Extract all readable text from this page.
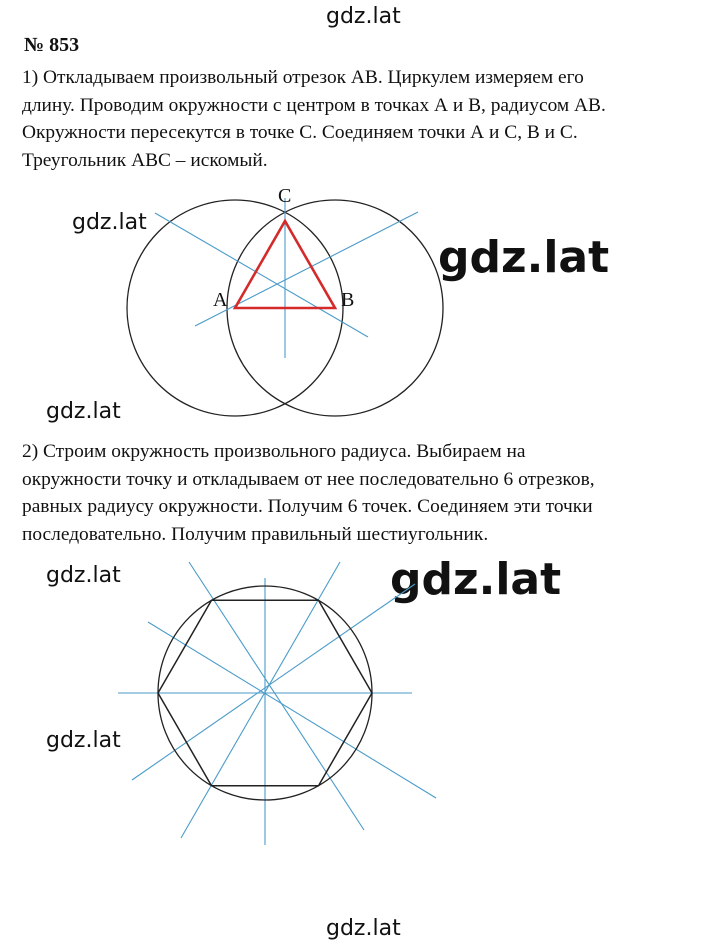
gdz.lat
gdz.lat
gdz.lat
gdz.lat
gdz.lat	gdz.lat
gdz.lat
gdz.lat
№ 853
1) Откладываем произвольный отрезок АВ. Циркулем измеряем его
длину. Проводим окружности с центром в точках А и В, радиусом АВ.
Окружности пересекутся в точке С. Соединяем точки А и С, В и С.
Треугольник АВС – искомый.
A	B
C
2) Строим окружность произвольного радиуса. Выбираем на
окружности точку и откладываем от нее последовательно 6 отрезков,
равных радиусу окружности. Получим 6 точек. Соединяем эти точки
последовательно. Получим правильный шестиугольник.
